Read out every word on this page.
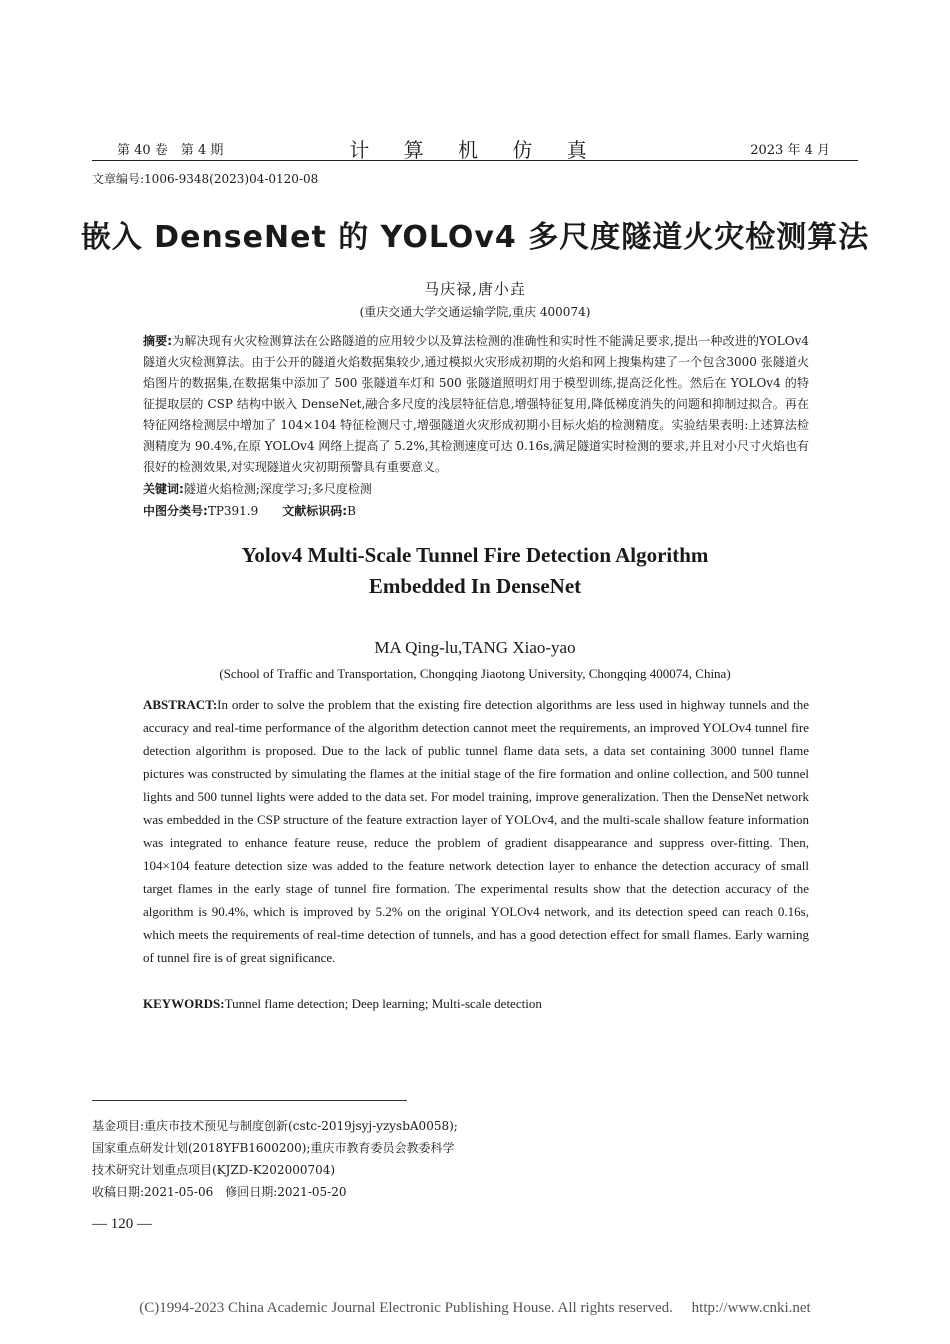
第 40 卷　第 4 期	计 算 机 仿 真	2023 年 4 月
文章编号:1006-9348(2023)04-0120-08
嵌入 DenseNet 的 YOLOv4 多尺度隧道火灾检测算法
马庆禄,唐小垚
(重庆交通大学交通运输学院,重庆 400074)
摘要:为解决现有火灾检测算法在公路隧道的应用较少以及算法检测的准确性和实时性不能满足要求,提出一种改进的YOLOv4 隧道火灾检测算法。由于公开的隧道火焰数据集较少,通过模拟火灾形成初期的火焰和网上搜集构建了一个包含3000 张隧道火焰图片的数据集,在数据集中添加了 500 张隧道车灯和 500 张隧道照明灯用于模型训练,提高泛化性。然后在 YOLOv4 的特征提取层的 CSP 结构中嵌入 DenseNet,融合多尺度的浅层特征信息,增强特征复用,降低梯度消失的问题和抑制过拟合。再在特征网络检测层中增加了 104×104 特征检测尺寸,增强隧道火灾形成初期小目标火焰的检测精度。实验结果表明:上述算法检测精度为 90.4%,在原 YOLOv4 网络上提高了 5.2%,其检测速度可达 0.16s,满足隧道实时检测的要求,并且对小尺寸火焰也有很好的检测效果,对实现隧道火灾初期预警具有重要意义。
关键词:隧道火焰检测;深度学习;多尺度检测
中图分类号:TP391.9 文献标识码:B
Yolov4 Multi-Scale Tunnel Fire Detection Algorithm
Embedded In DenseNet
MA Qing-lu,TANG Xiao-yao
(School of Traffic and Transportation, Chongqing Jiaotong University, Chongqing 400074, China)
ABSTRACT:In order to solve the problem that the existing fire detection algorithms are less used in highway tunnels and the accuracy and real-time performance of the algorithm detection cannot meet the requirements, an improved YOLOv4 tunnel fire detection algorithm is proposed. Due to the lack of public tunnel flame data sets, a data set containing 3000 tunnel flame pictures was constructed by simulating the flames at the initial stage of the fire formation and online collection, and 500 tunnel lights and 500 tunnel lights were added to the data set. For model training, improve generalization. Then the DenseNet network was embedded in the CSP structure of the feature extraction layer of YOLOv4, and the multi-scale shallow feature information was integrated to enhance feature reuse, reduce the problem of gradient disappearance and suppress over-fitting. Then, 104×104 feature detection size was added to the feature network detection layer to enhance the detection accuracy of small target flames in the early stage of tunnel fire formation. The experimental results show that the detection accuracy of the algorithm is 90.4%, which is improved by 5.2% on the original YOLOv4 network, and its detection speed can reach 0.16s, which meets the requirements of real-time detection of tunnels, and has a good detection effect for small flames. Early warning of tunnel fire is of great significance.
KEYWORDS:Tunnel flame detection; Deep learning; Multi-scale detection
基金项目:重庆市技术预见与制度创新(cstc-2019jsyj-yzysbA0058);
国家重点研发计划(2018YFB1600200);重庆市教育委员会教委科学
技术研究计划重点项目(KJZD-K202000704)
收稿日期:2021-05-06　修回日期:2021-05-20
— 120 —
(C)1994-2023 China Academic Journal Electronic Publishing House. All rights reserved.　 http://www.cnki.net
